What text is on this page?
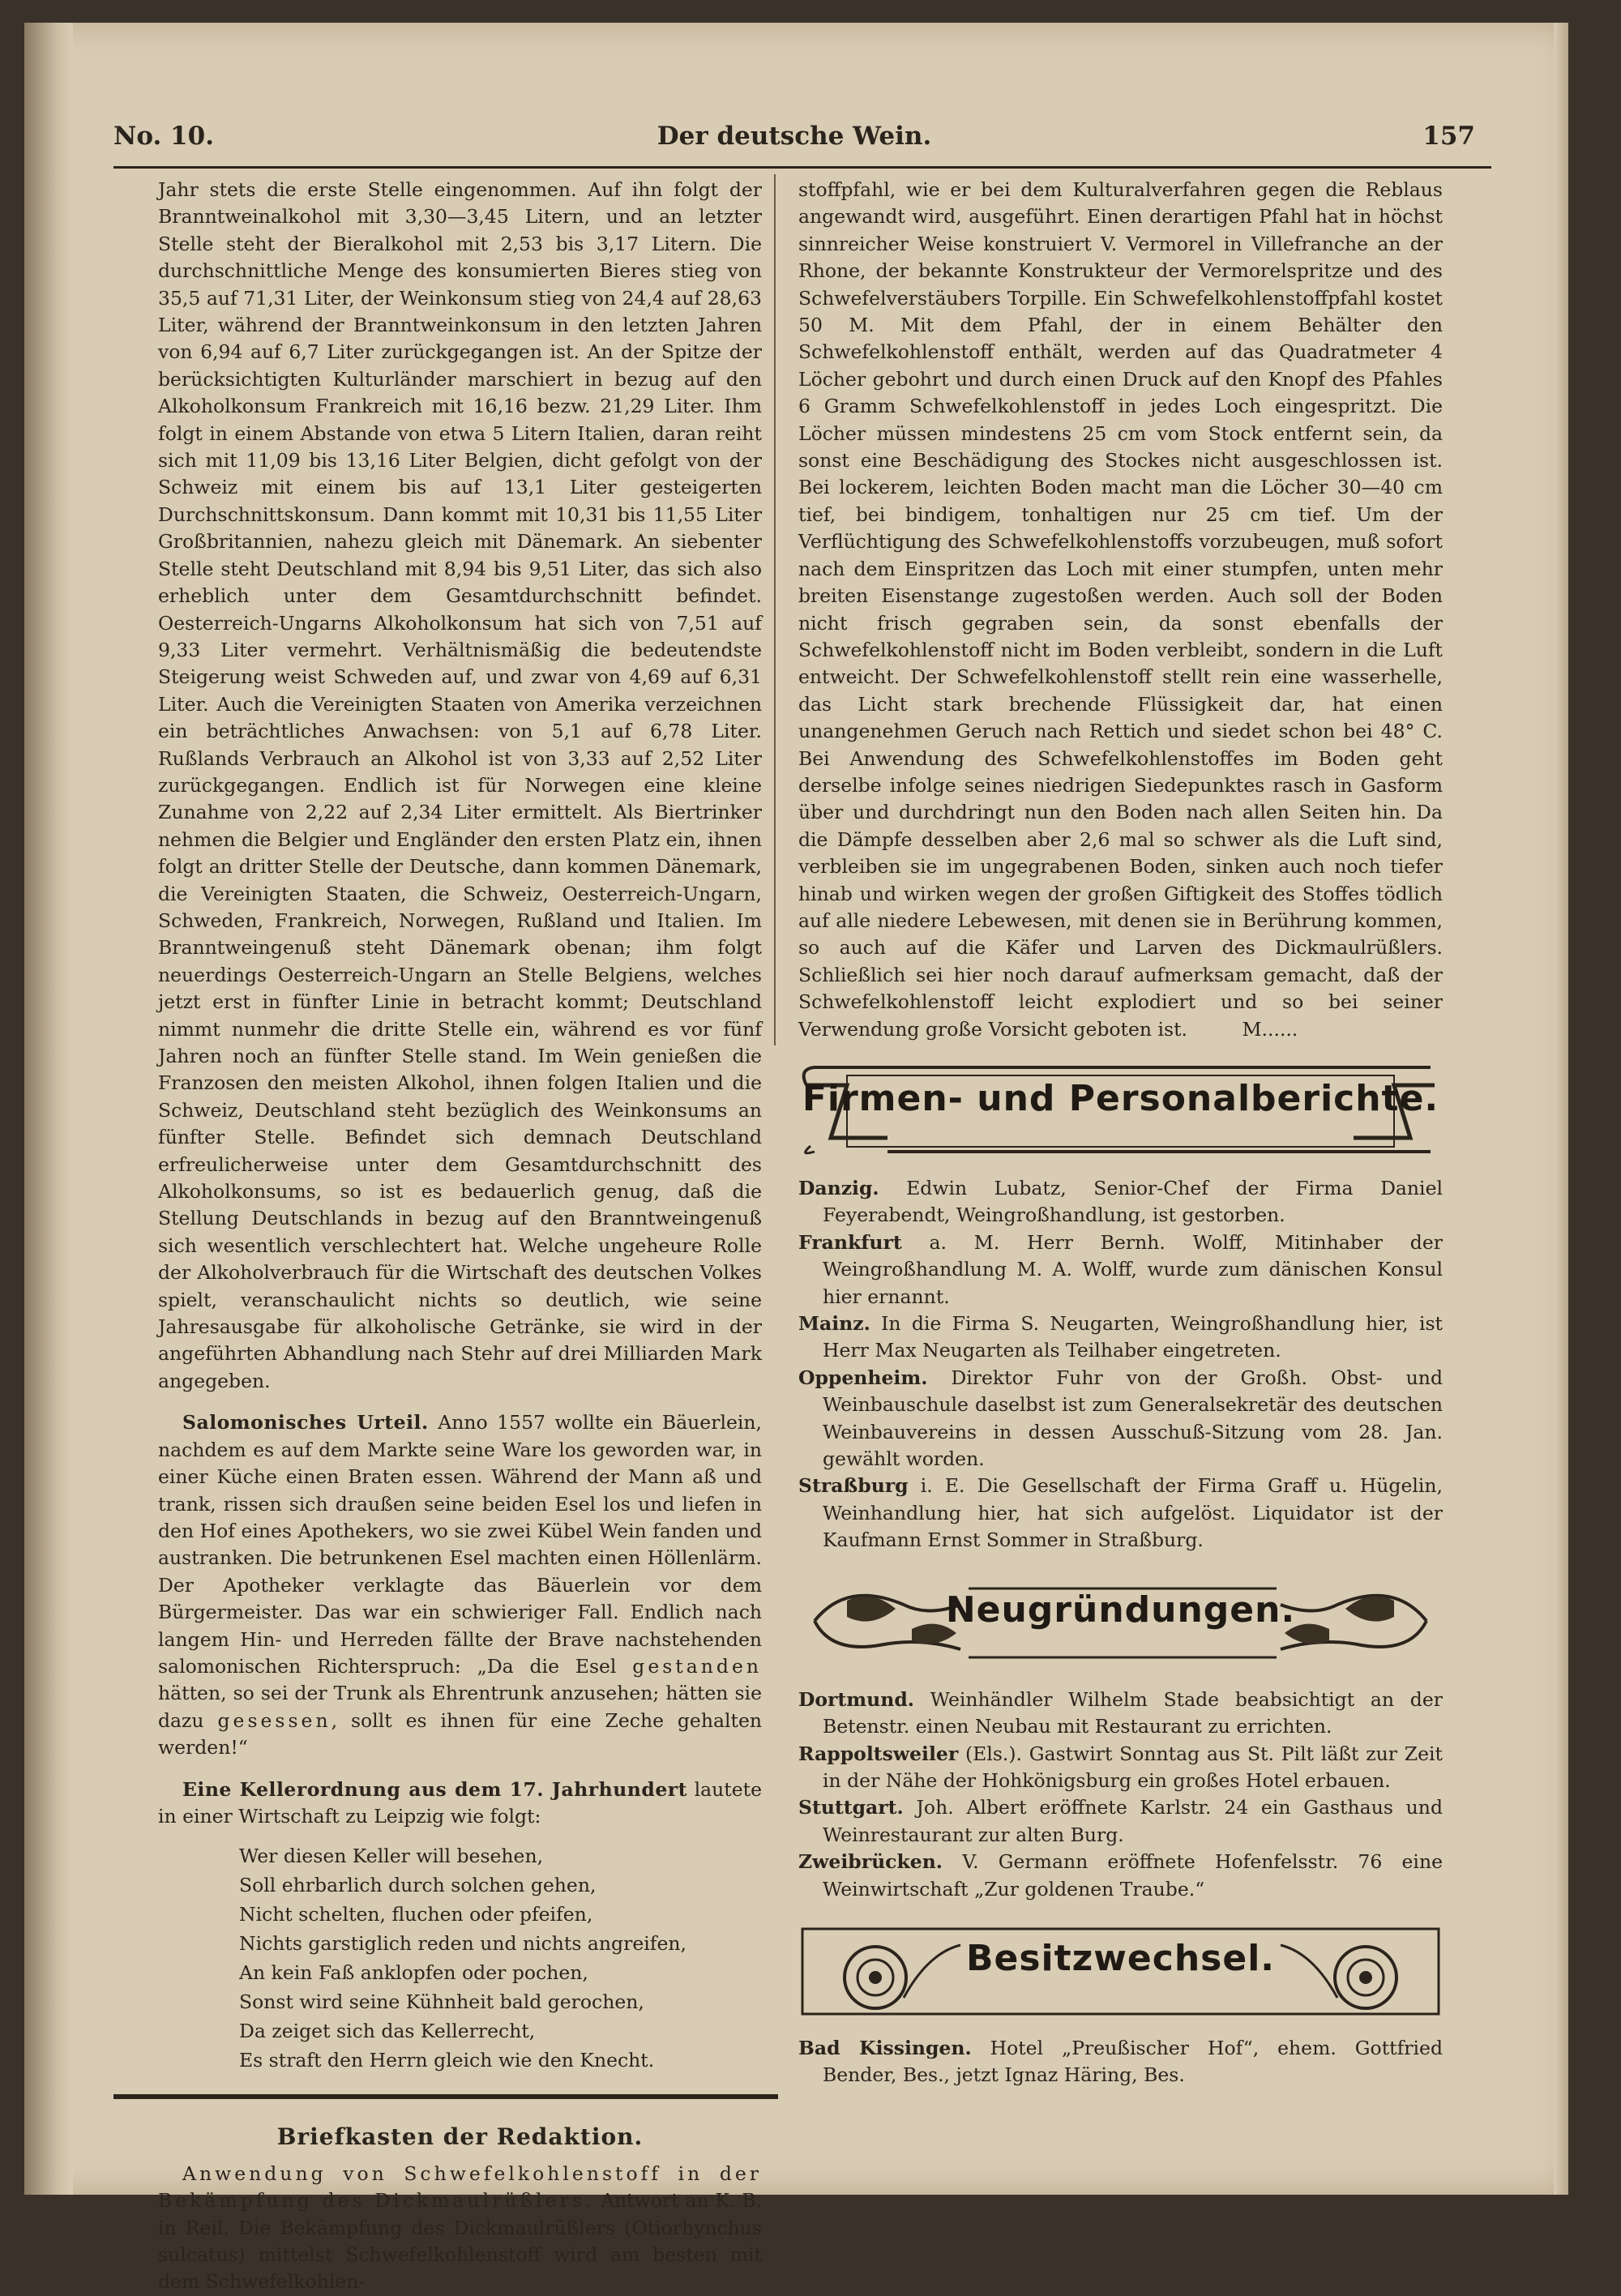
No. 10.	Der deutsche Wein.	157

Jahr stets die erste Stelle eingenommen. Auf ihn folgt der Branntweinalkohol mit 3,30—3,45 Litern, und an letzter Stelle steht der Bieralkohol mit 2,53 bis 3,17 Litern. Die durchschnittliche Menge des konsumierten Bieres stieg von 35,5 auf 71,31 Liter, der Weinkonsum stieg von 24,4 auf 28,63 Liter, während der Branntweinkonsum in den letzten Jahren von 6,94 auf 6,7 Liter zurückgegangen ist. An der Spitze der berücksichtigten Kulturländer marschiert in bezug auf den Alkoholkonsum Frankreich mit 16,16 bezw. 21,29 Liter. Ihm folgt in einem Abstande von etwa 5 Litern Italien, daran reiht sich mit 11,09 bis 13,16 Liter Belgien, dicht gefolgt von der Schweiz mit einem bis auf 13,1 Liter gesteigerten Durchschnittskonsum. Dann kommt mit 10,31 bis 11,55 Liter Großbritannien, nahezu gleich mit Dänemark. An siebenter Stelle steht Deutschland mit 8,94 bis 9,51 Liter, das sich also erheblich unter dem Gesamtdurchschnitt befindet. Oesterreich-Ungarns Alkoholkonsum hat sich von 7,51 auf 9,33 Liter vermehrt. Verhältnismäßig die bedeutendste Steigerung weist Schweden auf, und zwar von 4,69 auf 6,31 Liter. Auch die Vereinigten Staaten von Amerika verzeichnen ein beträchtliches Anwachsen: von 5,1 auf 6,78 Liter. Rußlands Verbrauch an Alkohol ist von 3,33 auf 2,52 Liter zurückgegangen. Endlich ist für Norwegen eine kleine Zunahme von 2,22 auf 2,34 Liter ermittelt. Als Biertrinker nehmen die Belgier und Engländer den ersten Platz ein, ihnen folgt an dritter Stelle der Deutsche, dann kommen Dänemark, die Vereinigten Staaten, die Schweiz, Oesterreich-Ungarn, Schweden, Frankreich, Norwegen, Rußland und Italien. Im Branntweingenuß steht Dänemark obenan; ihm folgt neuerdings Oesterreich-Ungarn an Stelle Belgiens, welches jetzt erst in fünfter Linie in betracht kommt; Deutschland nimmt nunmehr die dritte Stelle ein, während es vor fünf Jahren noch an fünfter Stelle stand. Im Wein genießen die Franzosen den meisten Alkohol, ihnen folgen Italien und die Schweiz, Deutschland steht bezüglich des Weinkonsums an fünfter Stelle. Befindet sich demnach Deutschland erfreulicherweise unter dem Gesamtdurchschnitt des Alkoholkonsums, so ist es bedauerlich genug, daß die Stellung Deutschlands in bezug auf den Branntweingenuß sich wesentlich verschlechtert hat. Welche ungeheure Rolle der Alkoholverbrauch für die Wirtschaft des deutschen Volkes spielt, veranschaulicht nichts so deutlich, wie seine Jahresausgabe für alkoholische Getränke, sie wird in der angeführten Abhandlung nach Stehr auf drei Milliarden Mark angegeben.

Salomonisches Urteil. Anno 1557 wollte ein Bäuerlein, nachdem es auf dem Markte seine Ware los geworden war, in einer Küche einen Braten essen. Während der Mann aß und trank, rissen sich draußen seine beiden Esel los und liefen in den Hof eines Apothekers, wo sie zwei Kübel Wein fanden und austranken. Die betrunkenen Esel machten einen Höllenlärm. Der Apotheker verklagte das Bäuerlein vor dem Bürgermeister. Das war ein schwieriger Fall. Endlich nach langem Hin- und Herreden fällte der Brave nachstehenden salomonischen Richterspruch: „Da die Esel gestanden hätten, so sei der Trunk als Ehrentrunk anzusehen; hätten sie dazu gesessen, sollt es ihnen für eine Zeche gehalten werden!“

Eine Kellerordnung aus dem 17. Jahrhundert lautete in einer Wirtschaft zu Leipzig wie folgt:

Wer diesen Keller will besehen,
Soll ehrbarlich durch solchen gehen,
Nicht schelten, fluchen oder pfeifen,
Nichts garstiglich reden und nichts angreifen,
An kein Faß anklopfen oder pochen,
Sonst wird seine Kühnheit bald gerochen,
Da zeiget sich das Kellerrecht,
Es straft den Herrn gleich wie den Knecht.
Briefkasten der Redaktion.

Anwendung von Schwefelkohlenstoff in der Bekämpfung des Dickmaulrüßlers. Antwort an K. B. in Reil. Die Bekämpfung des Dickmaulrüßlers (Otiorhynchus sulcatus) mittelst Schwefelkohlenstoff wird am besten mit dem Schwefelkohlen-

stoffpfahl, wie er bei dem Kulturalverfahren gegen die Reblaus angewandt wird, ausgeführt. Einen derartigen Pfahl hat in höchst sinnreicher Weise konstruiert V. Vermorel in Villefranche an der Rhone, der bekannte Konstrukteur der Vermorelspritze und des Schwefelverstäubers Torpille. Ein Schwefelkohlenstoffpfahl kostet 50 M. Mit dem Pfahl, der in einem Behälter den Schwefelkohlenstoff enthält, werden auf das Quadratmeter 4 Löcher gebohrt und durch einen Druck auf den Knopf des Pfahles 6 Gramm Schwefelkohlenstoff in jedes Loch eingespritzt. Die Löcher müssen mindestens 25 cm vom Stock entfernt sein, da sonst eine Beschädigung des Stockes nicht ausgeschlossen ist. Bei lockerem, leichten Boden macht man die Löcher 30—40 cm tief, bei bindigem, tonhaltigen nur 25 cm tief. Um der Verflüchtigung des Schwefelkohlenstoffs vorzubeugen, muß sofort nach dem Einspritzen das Loch mit einer stumpfen, unten mehr breiten Eisenstange zugestoßen werden. Auch soll der Boden nicht frisch gegraben sein, da sonst ebenfalls der Schwefelkohlenstoff nicht im Boden verbleibt, sondern in die Luft entweicht. Der Schwefelkohlenstoff stellt rein eine wasserhelle, das Licht stark brechende Flüssigkeit dar, hat einen unangenehmen Geruch nach Rettich und siedet schon bei 48° C. Bei Anwendung des Schwefelkohlenstoffes im Boden geht derselbe infolge seines niedrigen Siedepunktes rasch in Gasform über und durchdringt nun den Boden nach allen Seiten hin. Da die Dämpfe desselben aber 2,6 mal so schwer als die Luft sind, verbleiben sie im ungegrabenen Boden, sinken auch noch tiefer hinab und wirken wegen der großen Giftigkeit des Stoffes tödlich auf alle niedere Lebewesen, mit denen sie in Berührung kommen, so auch auf die Käfer und Larven des Dickmaulrüßlers. Schließlich sei hier noch darauf aufmerksam gemacht, daß der Schwefelkohlenstoff leicht explodiert und so bei seiner Verwendung große Vorsicht geboten ist.	M......

Firmen- und Personalberichte.

Danzig. Edwin Lubatz, Senior-Chef der Firma Daniel Feyerabendt, Weingroßhandlung, ist gestorben.

Frankfurt a. M. Herr Bernh. Wolff, Mitinhaber der Weingroßhandlung M. A. Wolff, wurde zum dänischen Konsul hier ernannt.

Mainz. In die Firma S. Neugarten, Weingroßhandlung hier, ist Herr Max Neugarten als Teilhaber eingetreten.

Oppenheim. Direktor Fuhr von der Großh. Obst- und Weinbauschule daselbst ist zum Generalsekretär des deutschen Weinbauvereins in dessen Ausschuß-Sitzung vom 28. Jan. gewählt worden.

Straßburg i. E. Die Gesellschaft der Firma Graff u. Hügelin, Weinhandlung hier, hat sich aufgelöst. Liquidator ist der Kaufmann Ernst Sommer in Straßburg.

Neugründungen.

Dortmund. Weinhändler Wilhelm Stade beabsichtigt an der Betenstr. einen Neubau mit Restaurant zu errichten.

Rappoltsweiler (Els.). Gastwirt Sonntag aus St. Pilt läßt zur Zeit in der Nähe der Hohkönigsburg ein großes Hotel erbauen.

Stuttgart. Joh. Albert eröffnete Karlstr. 24 ein Gasthaus und Weinrestaurant zur alten Burg.

Zweibrücken. V. Germann eröffnete Hofenfelsstr. 76 eine Weinwirtschaft „Zur goldenen Traube.“

Besitzwechsel.

Bad Kissingen. Hotel „Preußischer Hof“, ehem. Gottfried Bender, Bes., jetzt Ignaz Häring, Bes.
